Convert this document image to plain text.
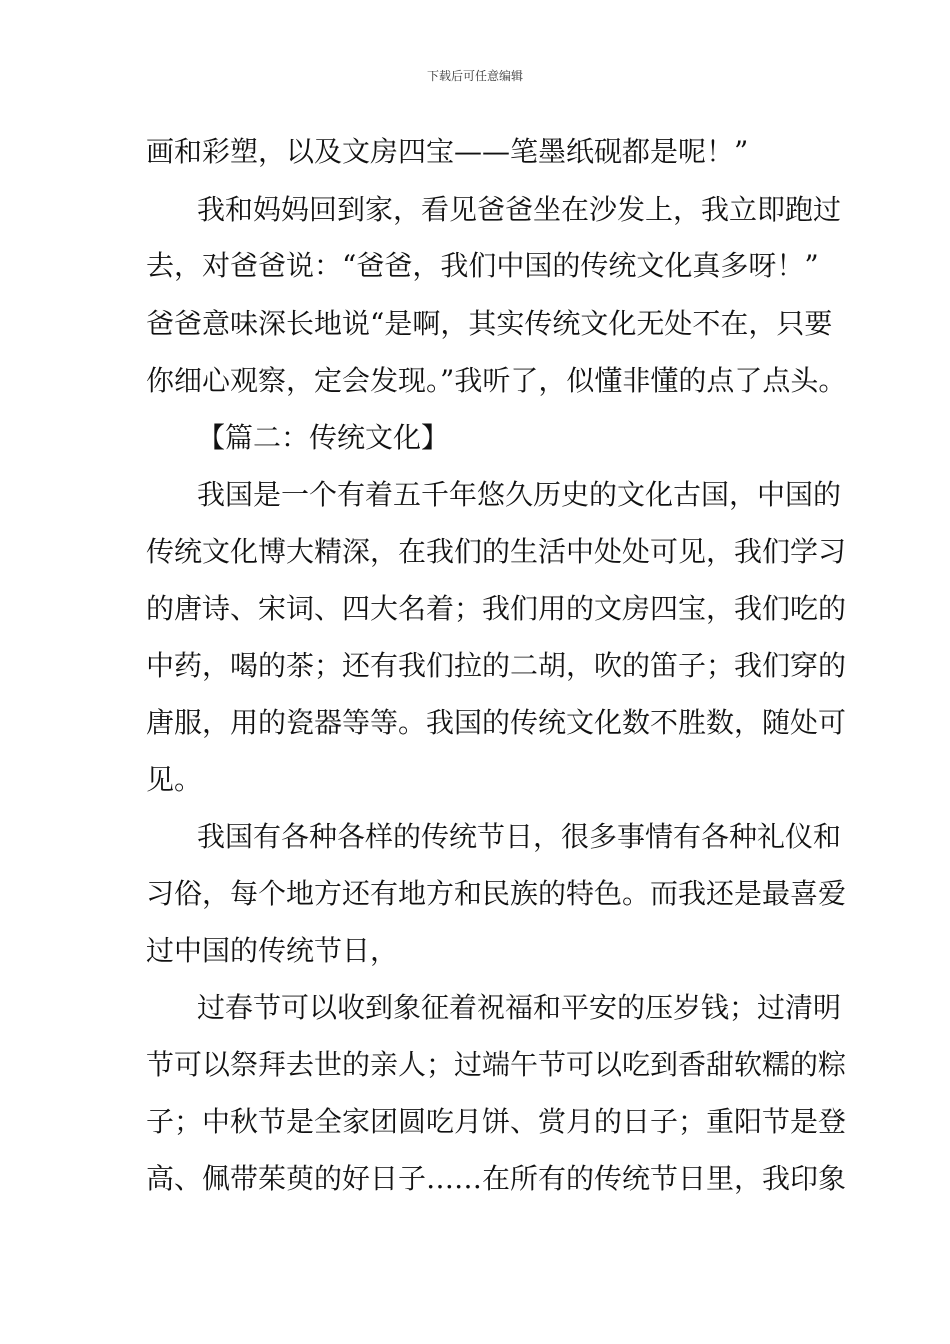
下载后可任意编辑
画和彩塑，以及文房四宝——笔墨纸砚都是呢！”
我和妈妈回到家，看见爸爸坐在沙发上，我立即跑过
去，对爸爸说：“爸爸，我们中国的传统文化真多呀！”
爸爸意味深长地说“是啊，其实传统文化无处不在，只要
你细心观察，定会发现。”我听了，似懂非懂的点了点头。
【篇二：传统文化】
我国是一个有着五千年悠久历史的文化古国，中国的
传统文化博大精深，在我们的生活中处处可见，我们学习
的唐诗、宋词、四大名着；我们用的文房四宝，我们吃的
中药，喝的茶；还有我们拉的二胡，吹的笛子；我们穿的
唐服，用的瓷器等等。我国的传统文化数不胜数，随处可
见。
我国有各种各样的传统节日，很多事情有各种礼仪和
习俗，每个地方还有地方和民族的特色。而我还是最喜爱
过中国的传统节日，
过春节可以收到象征着祝福和平安的压岁钱；过清明
节可以祭拜去世的亲人；过端午节可以吃到香甜软糯的粽
子；中秋节是全家团圆吃月饼、赏月的日子；重阳节是登
高、佩带茱萸的好日子……在所有的传统节日里，我印象
